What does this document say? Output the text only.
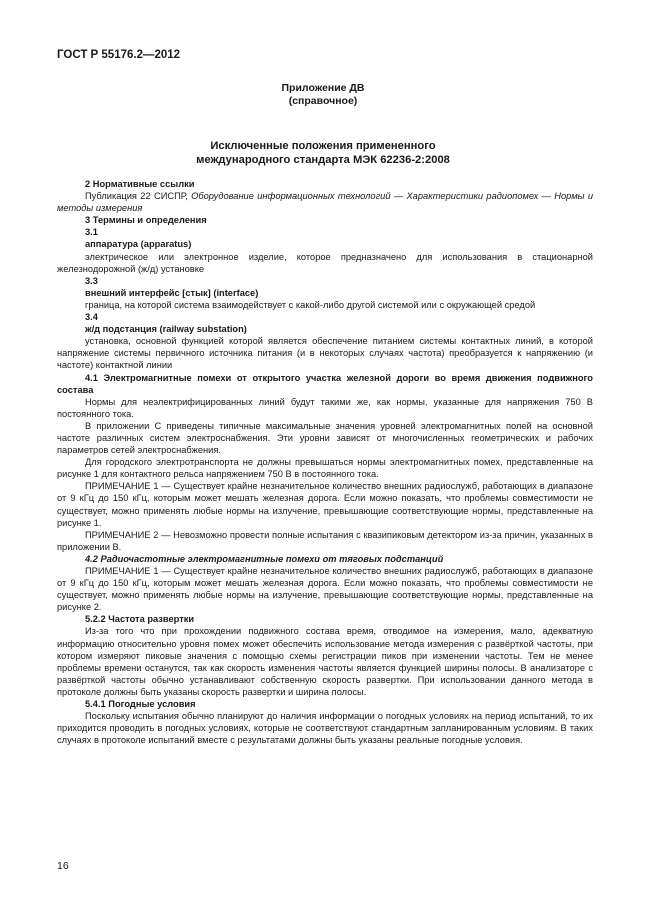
ГОСТ Р 55176.2—2012
Приложение ДВ
(справочное)
Исключенные положения примененного
международного стандарта МЭК 62236-2:2008

2 Нормативные ссылки

Публикация 22 СИСПР, Оборудование информационных технологий — Характеристики радиопомех — Нормы и методы измерения

3 Термины и определения

3.1

аппаратура (apparatus)

электрическое или электронное изделие, которое предназначено для использования в стационарной железнодорожной (ж/д) установке

3.3

внешний интерфейс [стык] (interface)

граница, на которой система взаимодействует с какой-либо другой системой или с окружающей средой

3.4

ж/д подстанция (railway substation)

установка, основной функцией которой является обеспечение питанием системы контактных линий, в которой напряжение системы первичного источника питания (и в некоторых случаях частота) преобразуется к напряжению (и частоте) контактной линии

4.1 Электромагнитные помехи от открытого участка железной дороги во время движения подвижного состава

Нормы для неэлектрифицированных линий будут такими же, как нормы, указанные для напряжения 750 В постоянного тока.

В приложении С приведены типичные максимальные значения уровней электромагнитных полей на основной частоте различных систем электроснабжения. Эти уровни зависят от многочисленных геометрических и рабочих параметров сетей электроснабжения.

Для городского электротранспорта не должны превышаться нормы электромагнитных помех, представленные на рисунке 1 для контактного рельса напряжением 750 В в постоянного тока.

ПРИМЕЧАНИЕ 1 — Существует крайне незначительное количество внешних радиослужб, работающих в диапазоне от 9 кГц до 150 кГц, которым может мешать железная дорога. Если можно показать, что проблемы совместимости не существует, можно применять любые нормы на излучение, превышающие соответствующие нормы, представленные на рисунке 1.

ПРИМЕЧАНИЕ 2 — Невозможно провести полные испытания с квазипиковым детектором из-за причин, указанных в приложении В.

4.2 Радиочастотные электромагнитные помехи от тяговых подстанций

ПРИМЕЧАНИЕ 1 — Существует крайне незначительное количество внешних радиослужб, работающих в диапазоне от 9 кГц до 150 кГц, которым может мешать железная дорога. Если можно показать, что проблемы совместимости не существует, можно применять любые нормы на излучение, превышающие соответствующие нормы, представленные на рисунке 2.

5.2.2 Частота развертки

Из-за того что при прохождении подвижного состава время, отводимое на измерения, мало, адекватную информацию относительно уровня помех может обеспечить использование метода измерения с развёрткой частоты, при котором измеряют пиковые значения с помощью схемы регистрации пиков при изменении частоты. Тем не менее проблемы времени останутся, так как скорость изменения частоты является функцией ширины полосы. В анализаторе с развёрткой частоты обычно устанавливают собственную скорость развертки. При использовании данного метода в протоколе должны быть указаны скорость развертки и ширина полосы.

5.4.1 Погодные условия

Поскольку испытания обычно планируют до наличия информации о погодных условиях на период испытаний, то их приходится проводить в погодных условиях, которые не соответствуют стандартным запланированным условиям. В таких случаях в протоколе испытаний вместе с результатами должны быть указаны реальные погодные условия.

16
